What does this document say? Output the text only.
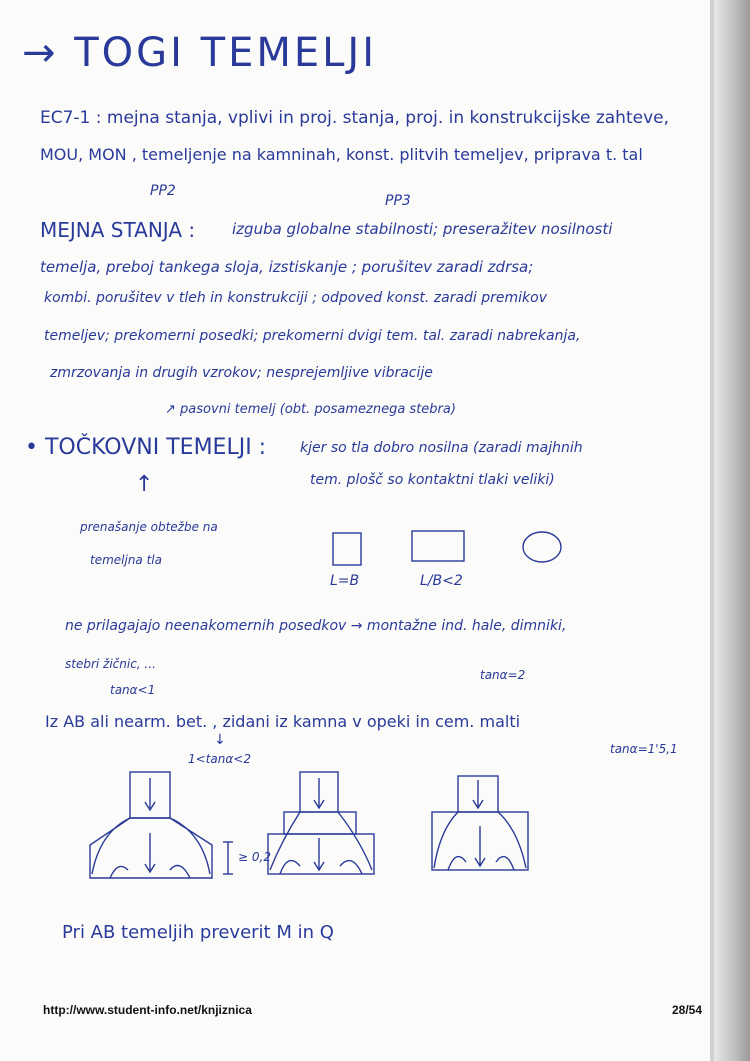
→ TOGI TEMELJI
EC7-1 : mejna stanja, vplivi in proj. stanja, proj. in konstrukcijske zahteve,
MOU, MON , temeljenje na kamninah, konst. plitvih temeljev, priprava t. tal
PP2
PP3
MEJNA STANJA : izguba globalne stabilnosti; preseražitev nosilnosti
temelja, preboj tankega sloja, izstiskanje ; porušitev zaradi zdrsa;
kombi. porušitev v tleh in konstrukciji ; odpoved konst. zaradi premikov
temeljev; prekomerni posedki; prekomerni dvigi tem. tal. zaradi nabrekanja,
zmrzovanja in drugih vzrokov; nesprejemljive vibracije
↗ pasovni temelj (obt. posameznega stebra)
• TOČKOVNI TEMELJI : kjer so tla dobro nosilna (zaradi majhnih
tem. plošč so kontaktni tlaki veliki)
↑
prenašanje obtežbe na
temeljna tla
L=B	L/B<2
ne prilagajajo neenakomernih posedkov → montažne ind. hale, dimniki,
stebri žičnic, ...
tanα<1
tanα=2
Iz AB ali nearm. bet. , zidani iz kamna v opeki in cem. malti
↓
1<tanα<2
tanα=1'5,1
≥ 0,2
Pri AB temeljih preverit M in Q
http://www.student-info.net/knjiznica	28/54
